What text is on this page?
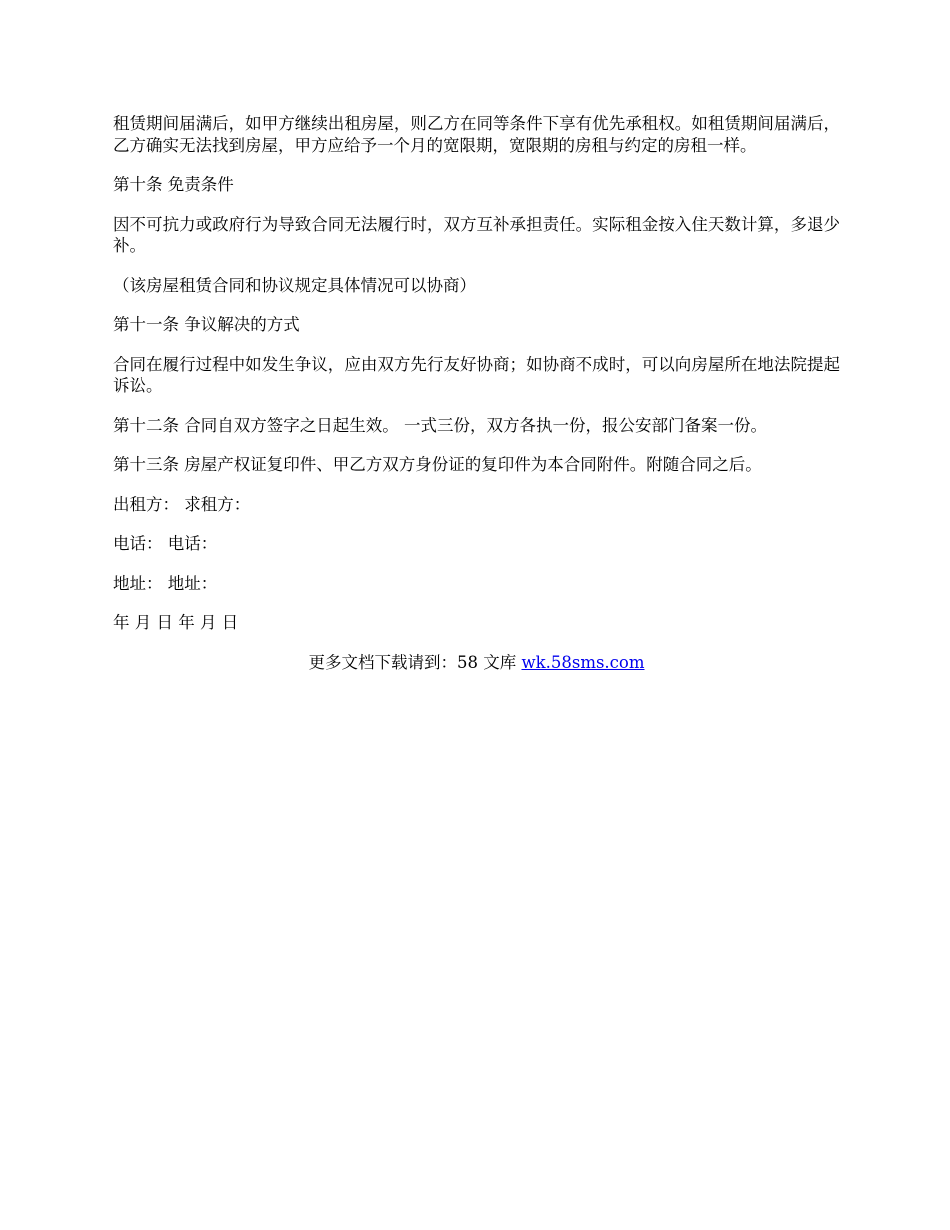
租赁期间届满后，如甲方继续出租房屋，则乙方在同等条件下享有优先承租权。如租赁期间届满后，乙方确实无法找到房屋，甲方应给予一个月的宽限期，宽限期的房租与约定的房租一样。

第十条 免责条件

因不可抗力或政府行为导致合同无法履行时，双方互补承担责任。实际租金按入住天数计算，多退少补。

（该房屋租赁合同和协议规定具体情况可以协商）

第十一条 争议解决的方式

合同在履行过程中如发生争议，应由双方先行友好协商；如协商不成时，可以向房屋所在地法院提起诉讼。

第十二条 合同自双方签字之日起生效。 一式三份，双方各执一份，报公安部门备案一份。

第十三条 房屋产权证复印件、甲乙方双方身份证的复印件为本合同附件。附随合同之后。

出租方： 求租方：

电话： 电话：

地址： 地址：

年 月 日 年 月 日

更多文档下载请到：58 文库 wk.58sms.com
